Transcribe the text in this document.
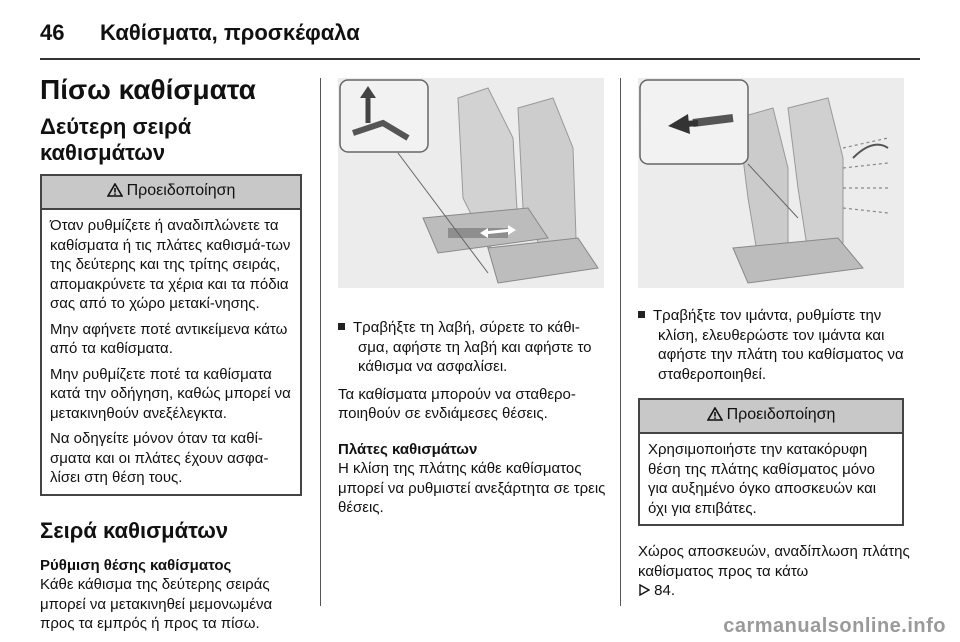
46 Καθίσματα, προσκέφαλα
Πίσω καθίσματα
Δεύτερη σειρά καθισμάτων
Προειδοποίηση

Όταν ρυθμίζετε ή αναδιπλώνετε τα καθίσματα ή τις πλάτες καθισμά-των της δεύτερης και της τρίτης σειράς, απομακρύνετε τα χέρια και τα πόδια σας από το χώρο μετακί-νησης.

Μην αφήνετε ποτέ αντικείμενα κάτω από τα καθίσματα.

Μην ρυθμίζετε ποτέ τα καθίσματα κατά την οδήγηση, καθώς μπορεί να μετακινηθούν ανεξέλεγκτα.

Να οδηγείτε μόνον όταν τα καθί-σματα και οι πλάτες έχουν ασφα-λίσει στη θέση τους.

Σειρά καθισμάτων
Ρύθμιση θέσης καθίσματος
Κάθε κάθισμα της δεύτερης σειράς μπορεί να μετακινηθεί μεμονωμένα προς τα εμπρός ή προς τα πίσω.
Τραβήξτε τη λαβή, σύρετε το κάθι-σμα, αφήστε τη λαβή και αφήστε το κάθισμα να ασφαλίσει.
Τα καθίσματα μπορούν να σταθερο-ποιηθούν σε ενδιάμεσες θέσεις.
Πλάτες καθισμάτων
Η κλίση της πλάτης κάθε καθίσματος μπορεί να ρυθμιστεί ανεξάρτητα σε τρεις θέσεις.
Τραβήξτε τον ιμάντα, ρυθμίστε την κλίση, ελευθερώστε τον ιμάντα και αφήστε την πλάτη του καθίσματος να σταθεροποιηθεί.
Προειδοποίηση

Χρησιμοποιήστε την κατακόρυφη θέση της πλάτης καθίσματος μόνο για αυξημένο όγκο αποσκευών και όχι για επιβάτες.

Χώρος αποσκευών, αναδίπλωση πλάτης καθίσματος προς τα κάτω
84.
carmanualsonline.info
